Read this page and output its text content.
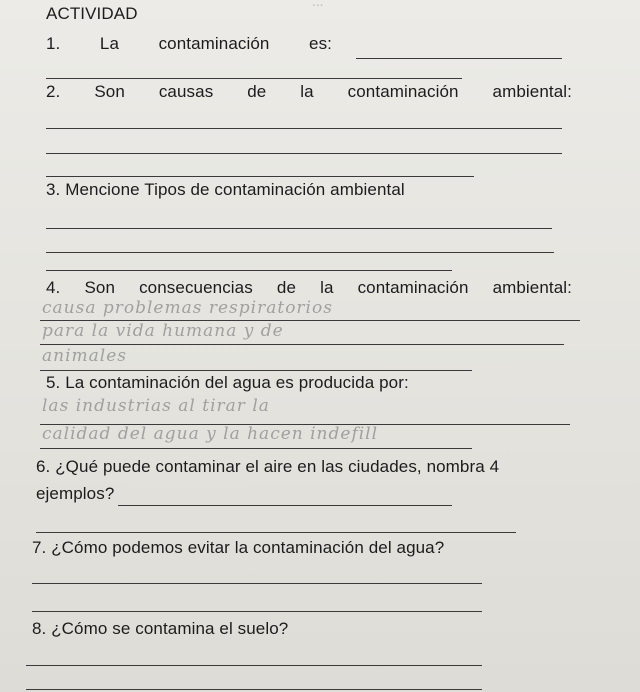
...
ACTIVIDAD
1. La contaminación es:
2. Son causas de la contaminación ambiental:
3. Mencione Tipos de contaminación ambiental
4. Son consecuencias de la contaminación ambiental:
causa problemas respiratorios
para la vida humana y de
animales
5. La contaminación del agua es producida por:
las industrias al tirar la
calidad del agua y la hacen indefill
6. ¿Qué puede contaminar el aire en las ciudades, nombra 4
ejemplos?
7. ¿Cómo podemos evitar la contaminación del agua?
8. ¿Cómo se contamina el suelo?
